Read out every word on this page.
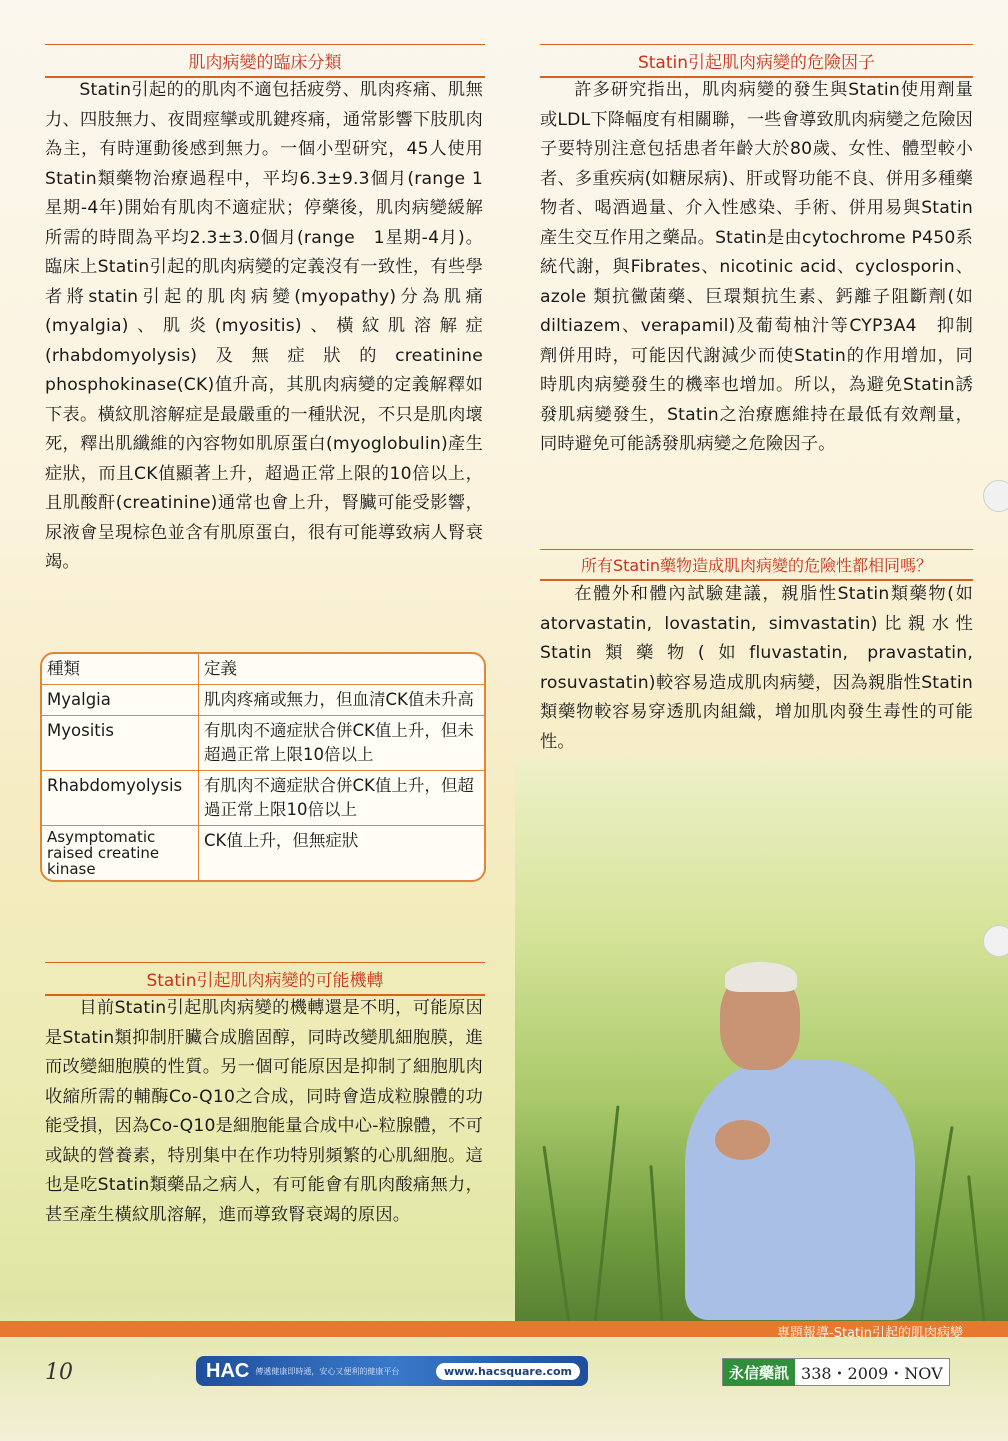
肌肉病變的臨床分類

Statin引起的的肌肉不適包括疲勞、肌肉疼痛、肌無力、四肢無力、夜間痙攣或肌鍵疼痛，通常影響下肢肌肉為主，有時運動後感到無力。一個小型研究，45人使用Statin類藥物治療過程中，平均6.3±9.3個月(range 1星期-4年)開始有肌肉不適症狀；停藥後，肌肉病變緩解所需的時間為平均2.3±3.0個月(range　1星期-4月)。臨床上Statin引起的肌肉病變的定義沒有一致性，有些學者將statin引起的肌肉病變(myopathy)分為肌痛(myalgia)、肌炎(myositis)、橫紋肌溶解症(rhabdomyolysis)及無症狀的creatinine phosphokinase(CK)值升高，其肌肉病變的定義解釋如下表。橫紋肌溶解症是最嚴重的一種狀況，不只是肌肉壞死，釋出肌纖維的內容物如肌原蛋白(myoglobulin)產生症狀，而且CK值顯著上升，超過正常上限的10倍以上，且肌酸酐(creatinine)通常也會上升，腎臟可能受影響，尿液會呈現棕色並含有肌原蛋白，很有可能導致病人腎衰竭。

種類	定義
Myalgia	肌肉疼痛或無力，但血清CK值未升高
Myositis	有肌肉不適症狀合併CK值上升，但未超過正常上限10倍以上
Rhabdomyolysis	有肌肉不適症狀合併CK值上升，但超過正常上限10倍以上
Asymptomatic raised creatine kinase	CK值上升，但無症狀
Statin引起肌肉病變的可能機轉

目前Statin引起肌肉病變的機轉還是不明，可能原因是Statin類抑制肝臟合成膽固醇，同時改變肌細胞膜，進而改變細胞膜的性質。另一個可能原因是抑制了細胞肌肉收縮所需的輔酶Co-Q10之合成，同時會造成粒腺體的功能受損，因為Co-Q10是細胞能量合成中心-粒腺體，不可或缺的營養素，特別集中在作功特別頻繁的心肌細胞。這也是吃Statin類藥品之病人，有可能會有肌肉酸痛無力，甚至產生橫紋肌溶解，進而導致腎衰竭的原因。

Statin引起肌肉病變的危險因子

許多研究指出，肌肉病變的發生與Statin使用劑量或LDL下降幅度有相關聯，一些會導致肌肉病變之危險因子要特別注意包括患者年齡大於80歲、女性、體型較小者、多重疾病(如糖尿病)、肝或腎功能不良、併用多種藥物者、喝酒過量、介入性感染、手術、併用易與Statin產生交互作用之藥品。Statin是由cytochrome P450系統代謝，與Fibrates、nicotinic acid、cyclosporin、azole 類抗黴菌藥、巨環類抗生素、鈣離子阻斷劑(如diltiazem、verapamil)及葡萄柚汁等CYP3A4　抑制劑併用時，可能因代謝減少而使Statin的作用增加，同時肌肉病變發生的機率也增加。所以，為避免Statin誘發肌病變發生，Statin之治療應維持在最低有效劑量，同時避免可能誘發肌病變之危險因子。

所有Statin藥物造成肌肉病變的危險性都相同嗎？

在體外和體內試驗建議，親脂性Statin類藥物(如atorvastatin, lovastatin, simvastatin)比親水性Statin類藥物(如fluvastatin, pravastatin, rosuvastatin)較容易造成肌肉病變，因為親脂性Statin類藥物較容易穿透肌肉組織，增加肌肉發生毒性的可能性。

專題報導-Statin引起的肌肉病變
10	HAC 傳遞健康即時通，安心又便利的健康平台	www.hacsquare.com	永信藥訊 338・2009・NOV
